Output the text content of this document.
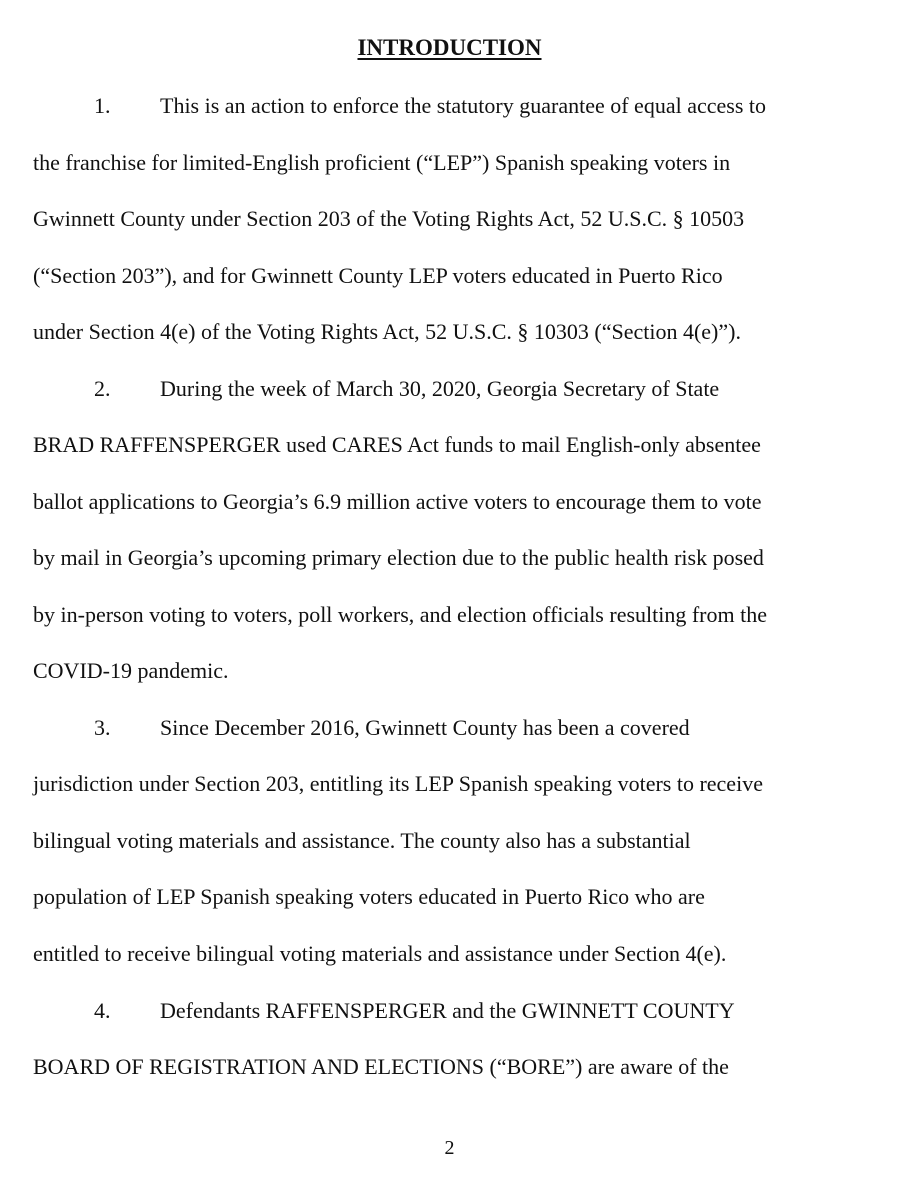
INTRODUCTION
1. This is an action to enforce the statutory guarantee of equal access to
the franchise for limited-English proficient (“LEP”) Spanish speaking voters in
Gwinnett County under Section 203 of the Voting Rights Act, 52 U.S.C. § 10503
(“Section 203”), and for Gwinnett County LEP voters educated in Puerto Rico
under Section 4(e) of the Voting Rights Act, 52 U.S.C. § 10303 (“Section 4(e)”).
2. During the week of March 30, 2020, Georgia Secretary of State
BRAD RAFFENSPERGER used CARES Act funds to mail English-only absentee
ballot applications to Georgia’s 6.9 million active voters to encourage them to vote
by mail in Georgia’s upcoming primary election due to the public health risk posed
by in-person voting to voters, poll workers, and election officials resulting from the
COVID-19 pandemic.
3. Since December 2016, Gwinnett County has been a covered
jurisdiction under Section 203, entitling its LEP Spanish speaking voters to receive
bilingual voting materials and assistance. The county also has a substantial
population of LEP Spanish speaking voters educated in Puerto Rico who are
entitled to receive bilingual voting materials and assistance under Section 4(e).
4. Defendants RAFFENSPERGER and the GWINNETT COUNTY
BOARD OF REGISTRATION AND ELECTIONS (“BORE”) are aware of the
2
